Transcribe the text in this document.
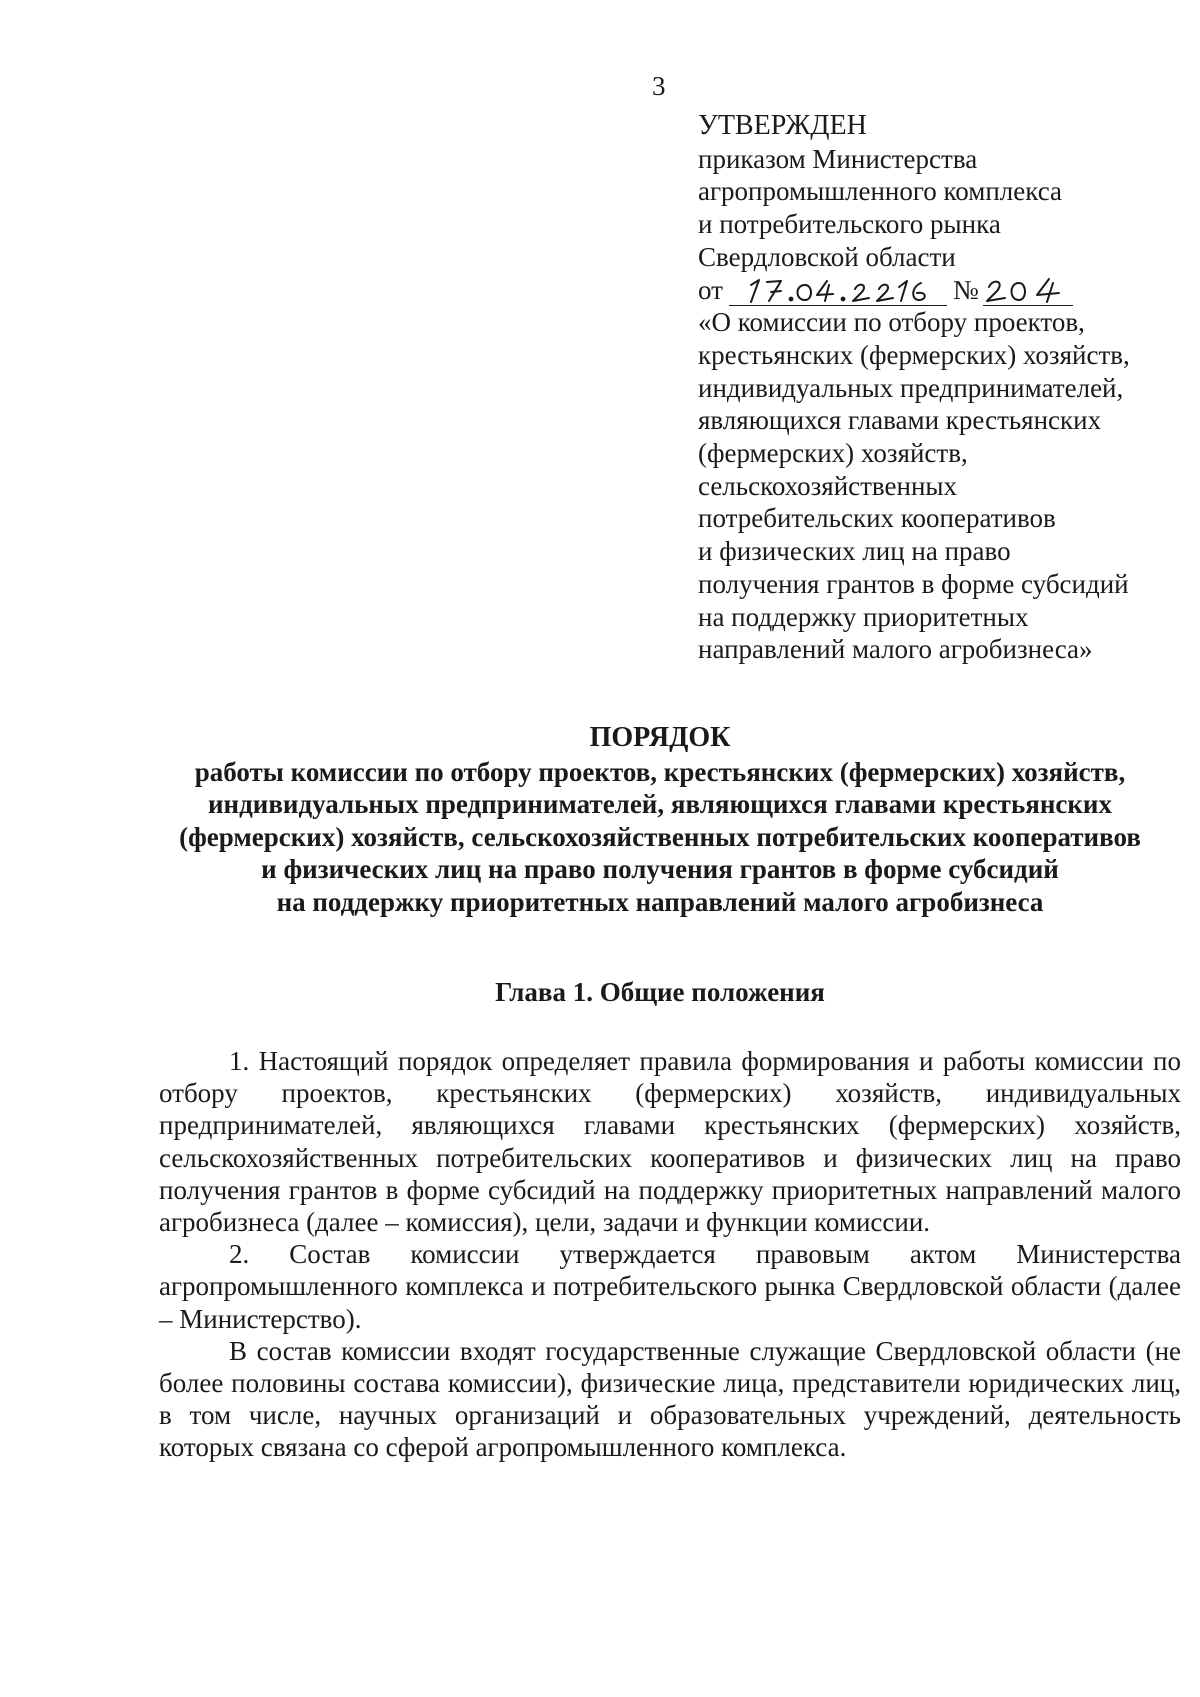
3
УТВЕРЖДЕН
приказом Министерства
агропромышленного комплекса
и потребительского рынка
Свердловской области
от	№
«О комиссии по отбору проектов,
крестьянских (фермерских) хозяйств,
индивидуальных предпринимателей,
являющихся главами крестьянских
(фермерских) хозяйств,
сельскохозяйственных
потребительских кооперативов
и физических лиц на право
получения грантов в форме субсидий
на поддержку приоритетных
направлений малого агробизнеса»
ПОРЯДОК
работы комиссии по отбору проектов, крестьянских (фермерских) хозяйств,
индивидуальных предпринимателей, являющихся главами крестьянских
(фермерских) хозяйств, сельскохозяйственных потребительских кооперативов
и физических лиц на право получения грантов в форме субсидий
на поддержку приоритетных направлений малого агробизнеса
Глава 1. Общие положения

1. Настоящий порядок определяет правила формирования и работы комиссии по отбору проектов, крестьянских (фермерских) хозяйств, индивидуальных предпринимателей, являющихся главами крестьянских (фермерских) хозяйств, сельскохозяйственных потребительских кооперативов и физических лиц на право получения грантов в форме субсидий на поддержку приоритетных направлений малого агробизнеса (далее – комиссия), цели, задачи и функции комиссии.

2. Состав комиссии утверждается правовым актом Министерства агропромышленного комплекса и потребительского рынка Свердловской области (далее – Министерство).

В состав комиссии входят государственные служащие Свердловской области (не более половины состава комиссии), физические лица, представители юридических лиц, в том числе, научных организаций и образовательных учреждений, деятельность которых связана со сферой агропромышленного комплекса.
